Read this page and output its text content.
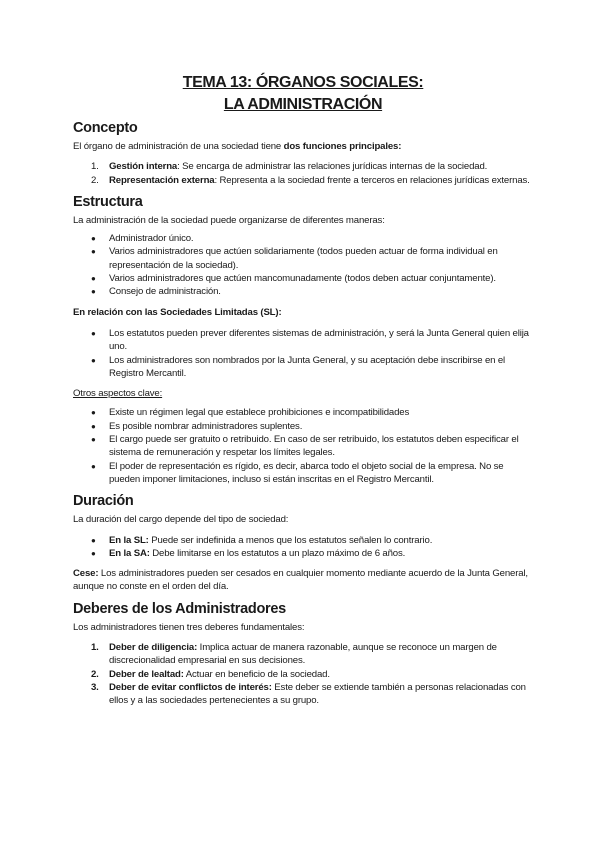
TEMA 13: ÓRGANOS SOCIALES:
LA ADMINISTRACIÓN
Concepto

El órgano de administración de una sociedad tiene dos funciones principales:

1. Gestión interna: Se encarga de administrar las relaciones jurídicas internas de la sociedad.
2. Representación externa: Representa a la sociedad frente a terceros en relaciones jurídicas externas.
Estructura

La administración de la sociedad puede organizarse de diferentes maneras:

● Administrador único.
● Varios administradores que actúen solidariamente (todos pueden actuar de forma individual en representación de la sociedad).
● Varios administradores que actúen mancomunadamente (todos deben actuar conjuntamente).
● Consejo de administración.

En relación con las Sociedades Limitadas (SL):

● Los estatutos pueden prever diferentes sistemas de administración, y será la Junta General quien elija uno.
● Los administradores son nombrados por la Junta General, y su aceptación debe inscribirse en el Registro Mercantil.

Otros aspectos clave:

● Existe un régimen legal que establece prohibiciones e incompatibilidades
● Es posible nombrar administradores suplentes.
● El cargo puede ser gratuito o retribuido. En caso de ser retribuido, los estatutos deben especificar el sistema de remuneración y respetar los límites legales.
● El poder de representación es rígido, es decir, abarca todo el objeto social de la empresa. No se pueden imponer limitaciones, incluso si están inscritas en el Registro Mercantil.
Duración

La duración del cargo depende del tipo de sociedad:

● En la SL: Puede ser indefinida a menos que los estatutos señalen lo contrario.
● En la SA: Debe limitarse en los estatutos a un plazo máximo de 6 años.

Cese: Los administradores pueden ser cesados en cualquier momento mediante acuerdo de la Junta General, aunque no conste en el orden del día.

Deberes de los Administradores

Los administradores tienen tres deberes fundamentales:

1. Deber de diligencia: Implica actuar de manera razonable, aunque se reconoce un margen de discrecionalidad empresarial en sus decisiones.
2. Deber de lealtad: Actuar en beneficio de la sociedad.
3. Deber de evitar conflictos de interés: Este deber se extiende también a personas relacionadas con ellos y a las sociedades pertenecientes a su grupo.
